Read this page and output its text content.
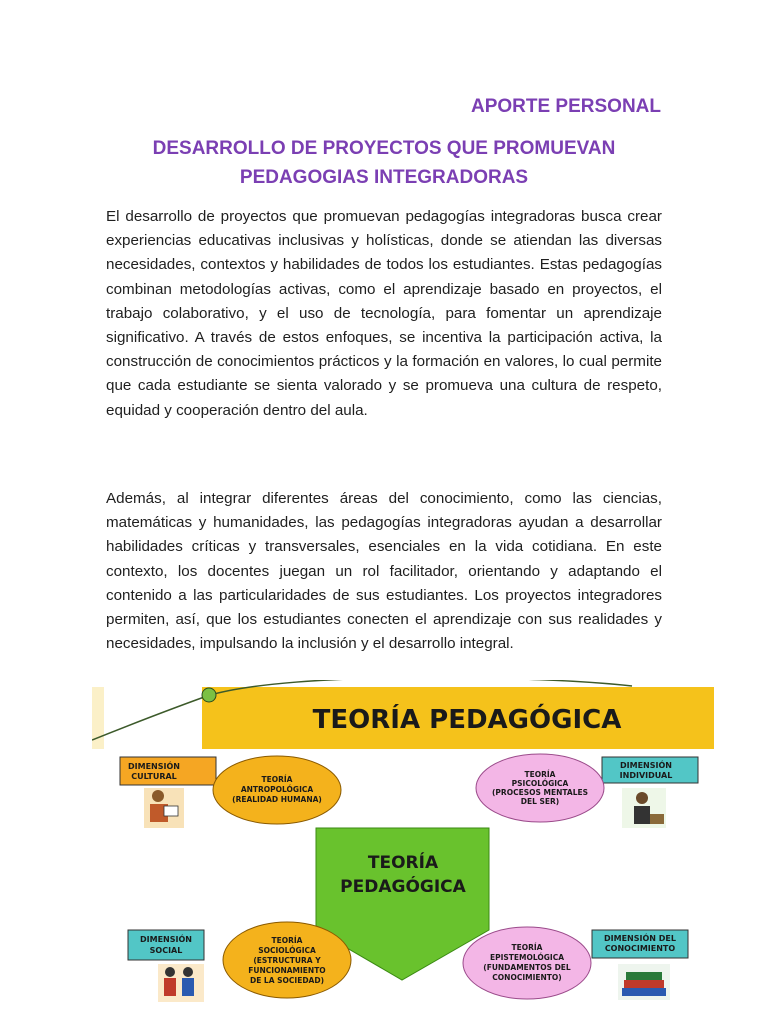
APORTE PERSONAL
DESARROLLO DE PROYECTOS QUE PROMUEVAN
PEDAGOGIAS INTEGRADORAS

El desarrollo de proyectos que promuevan pedagogías integradoras busca crear experiencias educativas inclusivas y holísticas, donde se atiendan las diversas necesidades, contextos y habilidades de todos los estudiantes. Estas pedagogías combinan metodologías activas, como el aprendizaje basado en proyectos, el trabajo colaborativo, y el uso de tecnología, para fomentar un aprendizaje significativo. A través de estos enfoques, se incentiva la participación activa, la construcción de conocimientos prácticos y la formación en valores, lo cual permite que cada estudiante se sienta valorado y se promueva una cultura de respeto, equidad y cooperación dentro del aula.

Además, al integrar diferentes áreas del conocimiento, como las ciencias, matemáticas y humanidades, las pedagogías integradoras ayudan a desarrollar habilidades críticas y transversales, esenciales en la vida cotidiana. En este contexto, los docentes juegan un rol facilitador, orientando y adaptando el contenido a las particularidades de sus estudiantes. Los proyectos integradores permiten, así, que los estudiantes conecten el aprendizaje con sus realidades y necesidades, impulsando la inclusión y el desarrollo integral.

TEORÍA PEDAGÓGICA
TEORÍA
PEDAGÓGICA
DIMENSIÓN
CULTURAL	TEORÍA
ANTROPOLÓGICA
(REALIDAD HUMANA)
DIMENSIÓN
INDIVIDUAL
TEORÍA
PSICOLÓGICA
(PROCESOS MENTALES
DEL SER)
DIMENSIÓN
SOCIAL
TEORÍA
SOCIOLÓGICA
(ESTRUCTURA Y
FUNCIONAMIENTO
DE LA SOCIEDAD)
DIMENSIÓN DEL
CONOCIMIENTO
TEORÍA
EPISTEMOLÓGICA
(FUNDAMENTOS DEL
CONOCIMIENTO)
